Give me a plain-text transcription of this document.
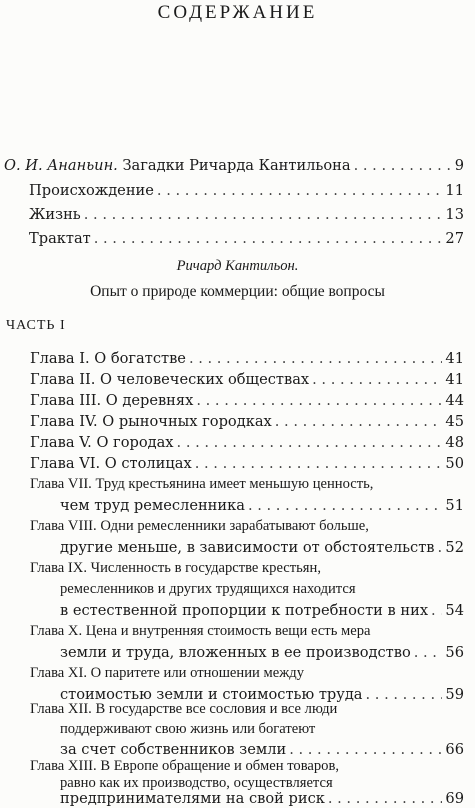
СОДЕРЖАНИЕ
О. И. Ананьин. Загадки Ричарда Кантильона . . .	9
Происхождение . . .	11
Жизнь . . .	13
Трактат . . .	27
Ричард Кантильон.
Опыт о природе коммерции: общие вопросы
ЧАСТЬ I
Глава I. О богатстве . . .	41
Глава II. О человеческих обществах . . .	41
Глава III. О деревнях . . .	44
Глава IV. О рыночных городках . . .	45
Глава V. О городах . . .	48
Глава VI. О столицах . . .	50
Глава VII. Труд крестьянина имеет меньшую ценность,
чем труд ремесленника . . .	51
Глава VIII. Одни ремесленники зарабатывают больше,
другие меньше, в зависимости от обстоятельств . . . 52
Глава IX. Численность в государстве крестьян,
ремесленников и других трудящихся находится
в естественной пропорции к потребности в них . . . 54
Глава X. Цена и внутренняя стоимость вещи есть мера
земли и труда, вложенных в ее производство . . . 56
Глава XI. О паритете или отношении между
стоимостью земли и стоимостью труда . . .	59
Глава XII. В государстве все сословия и все люди
поддерживают свою жизнь или богатеют
за счет собственников земли . . .	66
Глава XIII. В Европе обращение и обмен товаров,
равно как их производство, осуществляется
предпринимателями на свой риск . . .	69
